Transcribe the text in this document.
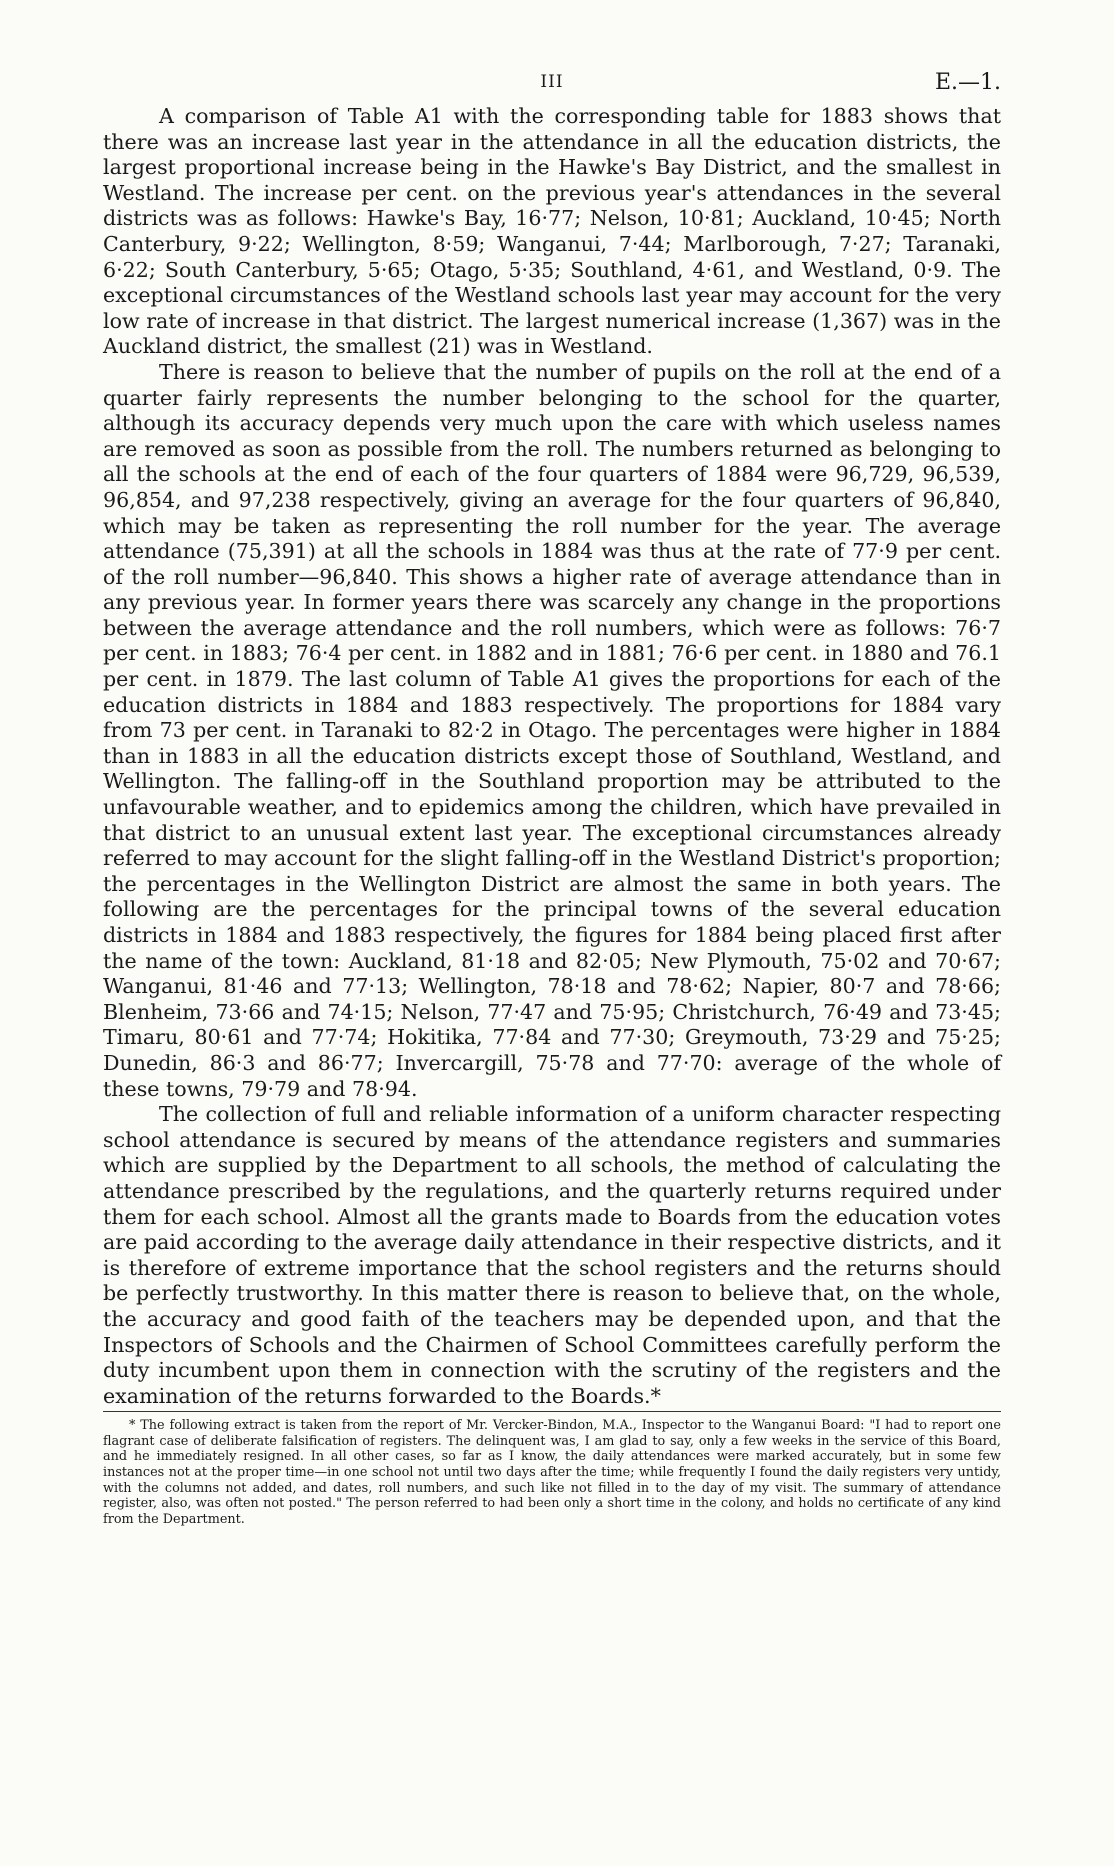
III	E.—1.

A comparison of Table A1 with the corresponding table for 1883 shows that there was an increase last year in the attendance in all the education districts, the largest proportional increase being in the Hawke's Bay District, and the smallest in Westland. The increase per cent. on the previous year's attendances in the several districts was as follows: Hawke's Bay, 16·77; Nelson, 10·81; Auckland, 10·45; North Canterbury, 9·22; Wellington, 8·59; Wanganui, 7·44; Marlborough, 7·27; Taranaki, 6·22; South Canterbury, 5·65; Otago, 5·35; Southland, 4·61, and Westland, 0·9. The exceptional circumstances of the Westland schools last year may account for the very low rate of increase in that district. The largest numerical increase (1,367) was in the Auckland district, the smallest (21) was in Westland.

There is reason to believe that the number of pupils on the roll at the end of a quarter fairly represents the number belonging to the school for the quarter, although its accuracy depends very much upon the care with which useless names are removed as soon as possible from the roll. The numbers returned as belonging to all the schools at the end of each of the four quarters of 1884 were 96,729, 96,539, 96,854, and 97,238 respectively, giving an average for the four quarters of 96,840, which may be taken as representing the roll number for the year. The average attendance (75,391) at all the schools in 1884 was thus at the rate of 77·9 per cent. of the roll number—96,840. This shows a higher rate of average attendance than in any previous year. In former years there was scarcely any change in the proportions between the average attendance and the roll numbers, which were as follows: 76·7 per cent. in 1883; 76·4 per cent. in 1882 and in 1881; 76·6 per cent. in 1880 and 76.1 per cent. in 1879. The last column of Table A1 gives the proportions for each of the education districts in 1884 and 1883 respectively. The proportions for 1884 vary from 73 per cent. in Taranaki to 82·2 in Otago. The percentages were higher in 1884 than in 1883 in all the education districts except those of Southland, Westland, and Wellington. The falling-off in the Southland proportion may be attributed to the unfavourable weather, and to epidemics among the children, which have prevailed in that district to an unusual extent last year. The exceptional circumstances already referred to may account for the slight falling-off in the Westland District's proportion; the percentages in the Wellington District are almost the same in both years. The following are the percentages for the principal towns of the several education districts in 1884 and 1883 respectively, the figures for 1884 being placed first after the name of the town: Auckland, 81·18 and 82·05; New Plymouth, 75·02 and 70·67; Wanganui, 81·46 and 77·13; Wellington, 78·18 and 78·62; Napier, 80·7 and 78·66; Blenheim, 73·66 and 74·15; Nelson, 77·47 and 75·95; Christchurch, 76·49 and 73·45; Timaru, 80·61 and 77·74; Hokitika, 77·84 and 77·30; Greymouth, 73·29 and 75·25; Dunedin, 86·3 and 86·77; Invercargill, 75·78 and 77·70: average of the whole of these towns, 79·79 and 78·94.

The collection of full and reliable information of a uniform character respecting school attendance is secured by means of the attendance registers and summaries which are supplied by the Department to all schools, the method of calculating the attendance prescribed by the regulations, and the quarterly returns required under them for each school. Almost all the grants made to Boards from the education votes are paid according to the average daily attendance in their respective districts, and it is therefore of extreme importance that the school registers and the returns should be perfectly trustworthy. In this matter there is reason to believe that, on the whole, the accuracy and good faith of the teachers may be depended upon, and that the Inspectors of Schools and the Chairmen of School Committees carefully perform the duty incumbent upon them in connection with the scrutiny of the registers and the examination of the returns forwarded to the Boards.*

* The following extract is taken from the report of Mr. Vercker-Bindon, M.A., Inspector to the Wanganui Board: "I had to report one flagrant case of deliberate falsification of registers. The delinquent was, I am glad to say, only a few weeks in the service of this Board, and he immediately resigned. In all other cases, so far as I know, the daily attendances were marked accurately, but in some few instances not at the proper time—in one school not until two days after the time; while frequently I found the daily registers very untidy, with the columns not added, and dates, roll numbers, and such like not filled in to the day of my visit. The summary of attendance register, also, was often not posted." The person referred to had been only a short time in the colony, and holds no certificate of any kind from the Department.
